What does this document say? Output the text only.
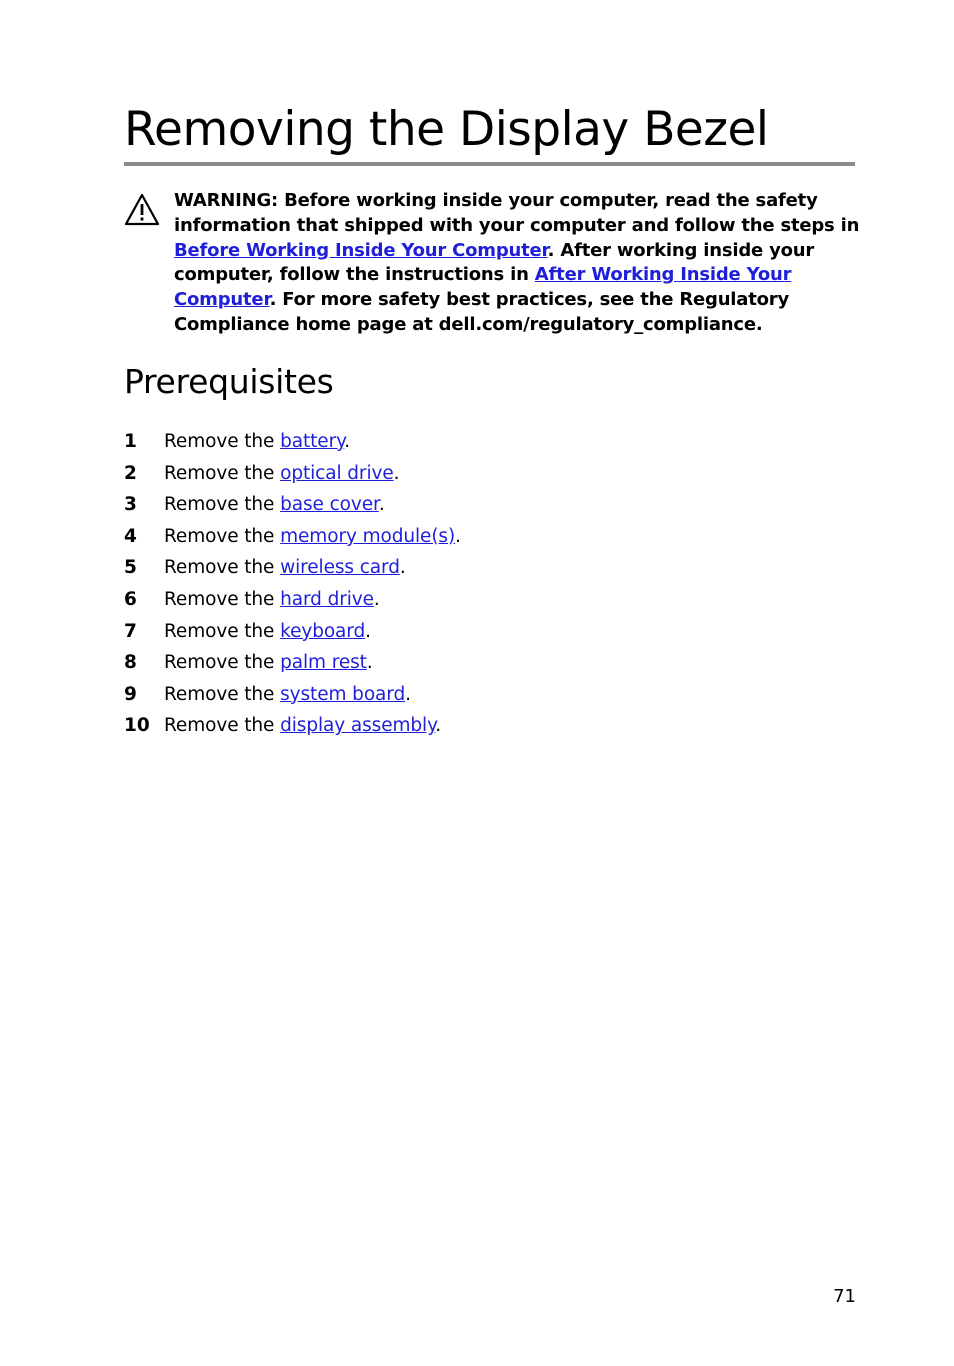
Removing the Display Bezel
WARNING: Before working inside your computer, read the safety information that shipped with your computer and follow the steps in Before Working Inside Your Computer. After working inside your computer, follow the instructions in After Working Inside Your Computer. For more safety best practices, see the Regulatory Compliance home page at dell.com/regulatory_compliance.
Prerequisites
1 Remove the battery.
2 Remove the optical drive.
3 Remove the base cover.
4 Remove the memory module(s).
5 Remove the wireless card.
6 Remove the hard drive.
7 Remove the keyboard.
8 Remove the palm rest.
9 Remove the system board.
10 Remove the display assembly.
71
